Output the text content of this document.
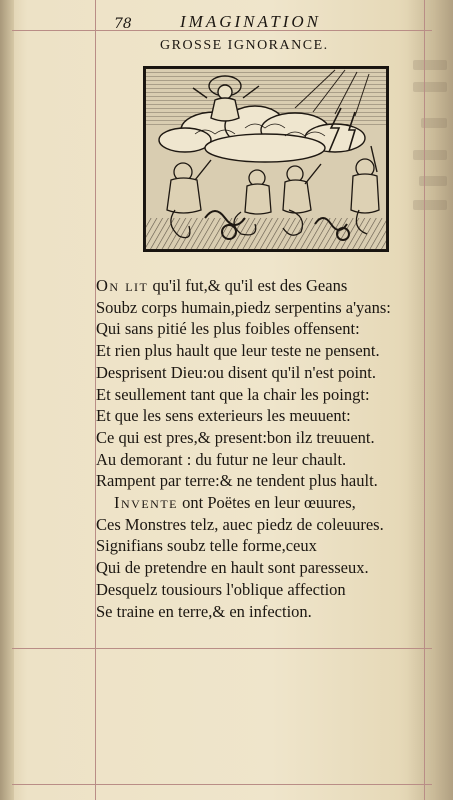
78	IMAGINATION
GROSSE IGNORANCE.
On lit qu'il fut,& qu'il est des Geans
Soubz corps humain,piedz serpentins a'yans:
Qui sans pitié les plus foibles offensent:
Et rien plus hault que leur teste ne pensent.
Desprisent Dieu:ou disent qu'il n'est point.
Et seullement tant que la chair les poingt:
Et que les sens exterieurs les meuuent:
Ce qui est pres,& present:bon ilz treuuent.
Au demorant : du futur ne leur chault.
Rampent par terre:& ne tendent plus hault.
Invente ont Poëtes en leur œuures,
Ces Monstres telz, auec piedz de coleuures.
Signifians soubz telle forme,ceux
Qui de pretendre en hault sont paresseux.
Desquelz tousiours l'oblique affection
Se traine en terre,& en infection.
